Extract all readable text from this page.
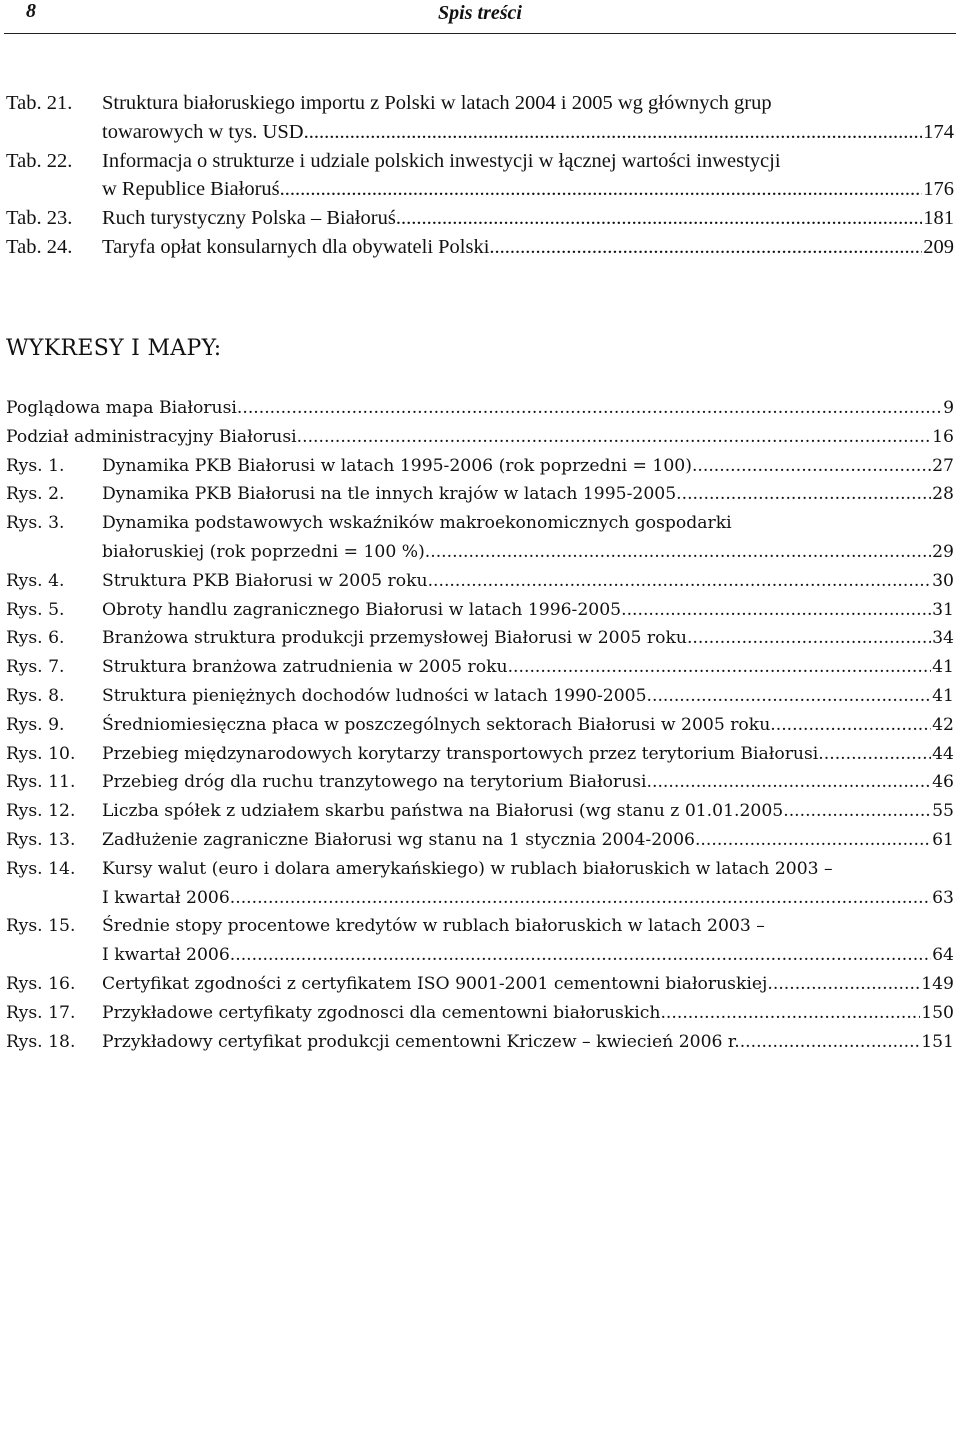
8	Spis treści
Tab. 21. Struktura białoruskiego importu z Polski w latach 2004 i 2005 wg głównych grup
towarowych w tys. USD .....	174
Tab. 22. Informacja o strukturze i udziale polskich inwestycji w łącznej wartości inwestycji
w Republice Białoruś .....	176
Tab. 23. Ruch turystyczny Polska – Białoruś .....	181
Tab. 24. Taryfa opłat konsularnych dla obywateli Polski .....	209
WYKRESY I MAPY:
Poglądowa mapa Białorusi .....	9
Podział administracyjny Białorusi .....	16
Rys. 1. Dynamika PKB Białorusi w latach 1995-2006 (rok poprzedni = 100) .....	27
Rys. 2. Dynamika PKB Białorusi na tle innych krajów w latach 1995-2005 .....	28
Rys. 3. Dynamika podstawowych wskaźników makroekonomicznych gospodarki
białoruskiej (rok poprzedni = 100 %) .....	29
Rys. 4. Struktura PKB Białorusi w 2005 roku .....	30
Rys. 5. Obroty handlu zagranicznego Białorusi w latach 1996-2005 .....	31
Rys. 6. Branżowa struktura produkcji przemysłowej Białorusi w 2005 roku .....	34
Rys. 7. Struktura branżowa zatrudnienia w 2005 roku .....	41
Rys. 8. Struktura pieniężnych dochodów ludności w latach 1990-2005 .....	41
Rys. 9. Średniomiesięczna płaca w poszczególnych sektorach Białorusi w 2005 roku .....	42
Rys. 10. Przebieg międzynarodowych korytarzy transportowych przez terytorium Białorusi. .....	44
Rys. 11. Przebieg dróg dla ruchu tranzytowego na terytorium Białorusi .....	46
Rys. 12. Liczba spółek z udziałem skarbu państwa na Białorusi (wg stanu z 01.01.2005 .....	55
Rys. 13. Zadłużenie zagraniczne Białorusi wg stanu na 1 stycznia 2004-2006 .....	61
Rys. 14. Kursy walut (euro i dolara amerykańskiego) w rublach białoruskich w latach 2003 –
I kwartał 2006 .....	63
Rys. 15. Średnie stopy procentowe kredytów w rublach białoruskich w latach 2003 –
I kwartał 2006 .....	64
Rys. 16. Certyfikat zgodności z certyfikatem ISO 9001-2001 cementowni białoruskiej .....	149
Rys. 17. Przykładowe certyfikaty zgodnosci dla cementowni białoruskich .....	150
Rys. 18. Przykładowy certyfikat produkcji cementowni Kriczew – kwiecień 2006 r. .....	151
